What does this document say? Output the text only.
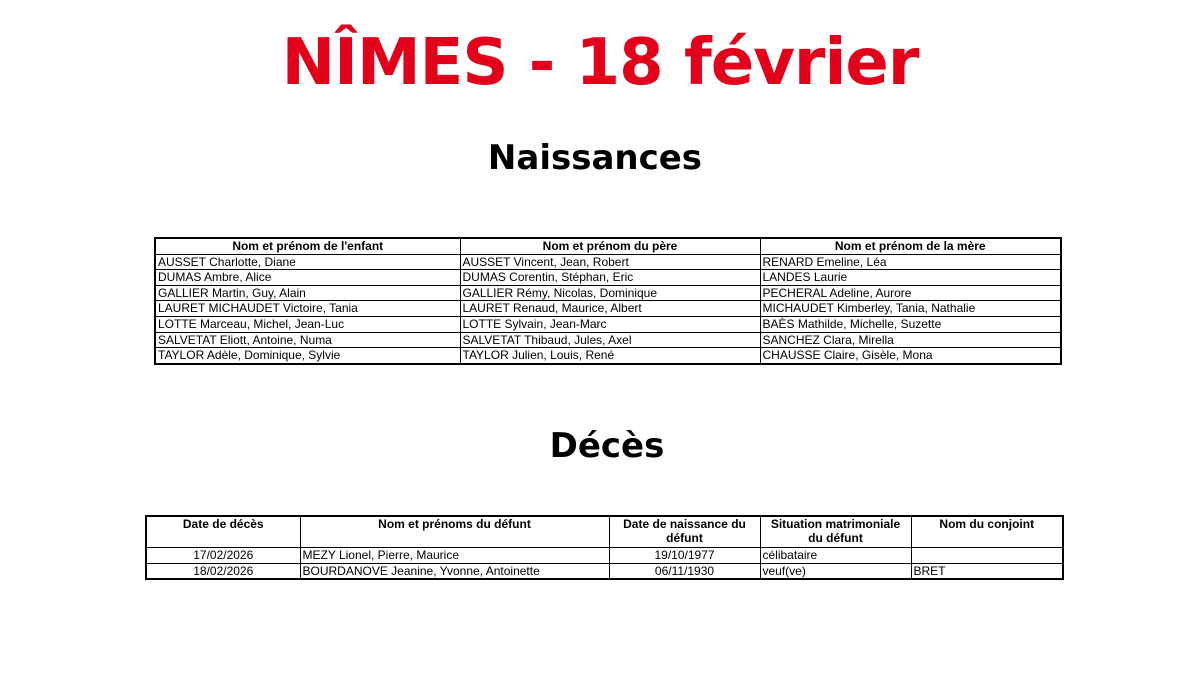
NÎMES - 18 février
Naissances
Nom et prénom de l'enfant	Nom et prénom du père	Nom et prénom de la mère
AUSSET Charlotte, Diane	AUSSET Vincent, Jean, Robert	RENARD Emeline, Léa
DUMAS Ambre, Alice	DUMAS Corentin, Stéphan, Eric	LANDES Laurie
GALLIER Martin, Guy, Alain	GALLIER Rémy, Nicolas, Dominique	PECHERAL Adeline, Aurore
LAURET MICHAUDET Victoire, Tania	LAURET Renaud, Maurice, Albert	MICHAUDET Kimberley, Tania, Nathalie
LOTTE Marceau, Michel, Jean-Luc	LOTTE Sylvain, Jean-Marc	BAÈS Mathilde, Michelle, Suzette
SALVETAT Eliott, Antoine, Numa	SALVETAT Thibaud, Jules, Axel	SANCHEZ Clara, Mirella
TAYLOR Adèle, Dominique, Sylvie	TAYLOR Julien, Louis, René	CHAUSSE Claire, Gisèle, Mona
Décès
Date de décès	Nom et prénoms du défunt	Date de naissance du défunt	Situation matrimoniale du défunt	Nom du conjoint
17/02/2026	MEZY Lionel, Pierre, Maurice	19/10/1977	célibataire	
18/02/2026	BOURDANOVE Jeanine, Yvonne, Antoinette	06/11/1930	veuf(ve)	BRET
